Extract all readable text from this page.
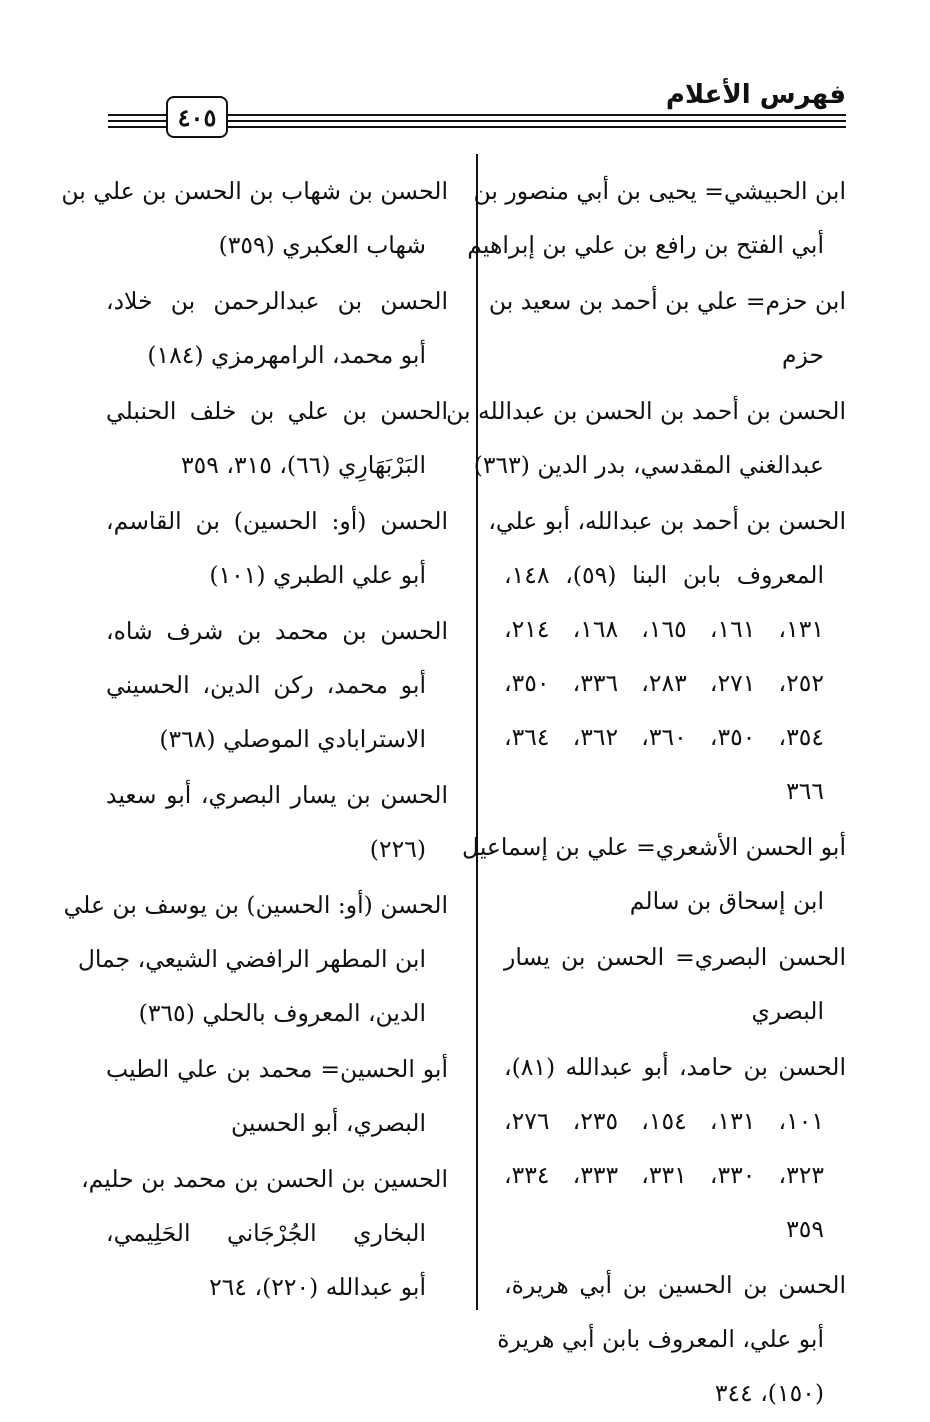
فهرس الأعلام
٤٠٥
ابن الحبيشي= يحيى بن أبي منصور بن
أبي الفتح بن رافع بن علي بن إبراهيم
ابن حزم= علي بن أحمد بن سعيد بن
حزم
الحسن بن أحمد بن الحسن بن عبدالله بن
عبدالغني المقدسي، بدر الدين (٣٦٣)
الحسن بن أحمد بن عبدالله، أبو علي،
المعروف بابن البنا (٥٩)، ١٤٨،
١٣١، ١٦١، ١٦٥، ١٦٨، ٢١٤،
٢٥٢، ٢٧١، ٢٨٣، ٣٣٦، ٣٥٠،
٣٥٤، ٣٥٠، ٣٦٠، ٣٦٢، ٣٦٤،
٣٦٦
أبو الحسن الأشعري= علي بن إسماعيل
ابن إسحاق بن سالم
الحسن البصري= الحسن بن يسار
البصري
الحسن بن حامد، أبو عبدالله (٨١)،
١٠١، ١٣١، ١٥٤، ٢٣٥، ٢٧٦،
٣٢٣، ٣٣٠، ٣٣١، ٣٣٣، ٣٣٤،
٣٥٩
الحسن بن الحسين بن أبي هريرة،
أبو علي، المعروف بابن أبي هريرة
(١٥٠)، ٣٤٤
الحسن بن شهاب بن الحسن بن علي بن
شهاب العكبري (٣٥٩)
الحسن بن عبدالرحمن بن خلاد،
أبو محمد، الرامهرمزي (١٨٤)
الحسن بن علي بن خلف الحنبلي
البَرْبَهَارِي (٦٦)، ٣١٥، ٣٥٩
الحسن (أو: الحسين) بن القاسم،
أبو علي الطبري (١٠١)
الحسن بن محمد بن شرف شاه،
أبو محمد، ركن الدين، الحسيني
الاسترابادي الموصلي (٣٦٨)
الحسن بن يسار البصري، أبو سعيد
(٢٢٦)
الحسن (أو: الحسين) بن يوسف بن علي
ابن المطهر الرافضي الشيعي، جمال
الدين، المعروف بالحلي (٣٦٥)
أبو الحسين= محمد بن علي الطيب
البصري، أبو الحسين
الحسين بن الحسن بن محمد بن حليم،
البخاري الجُرْجَاني الحَلِيمي،
أبو عبدالله (٢٢٠)، ٢٦٤
